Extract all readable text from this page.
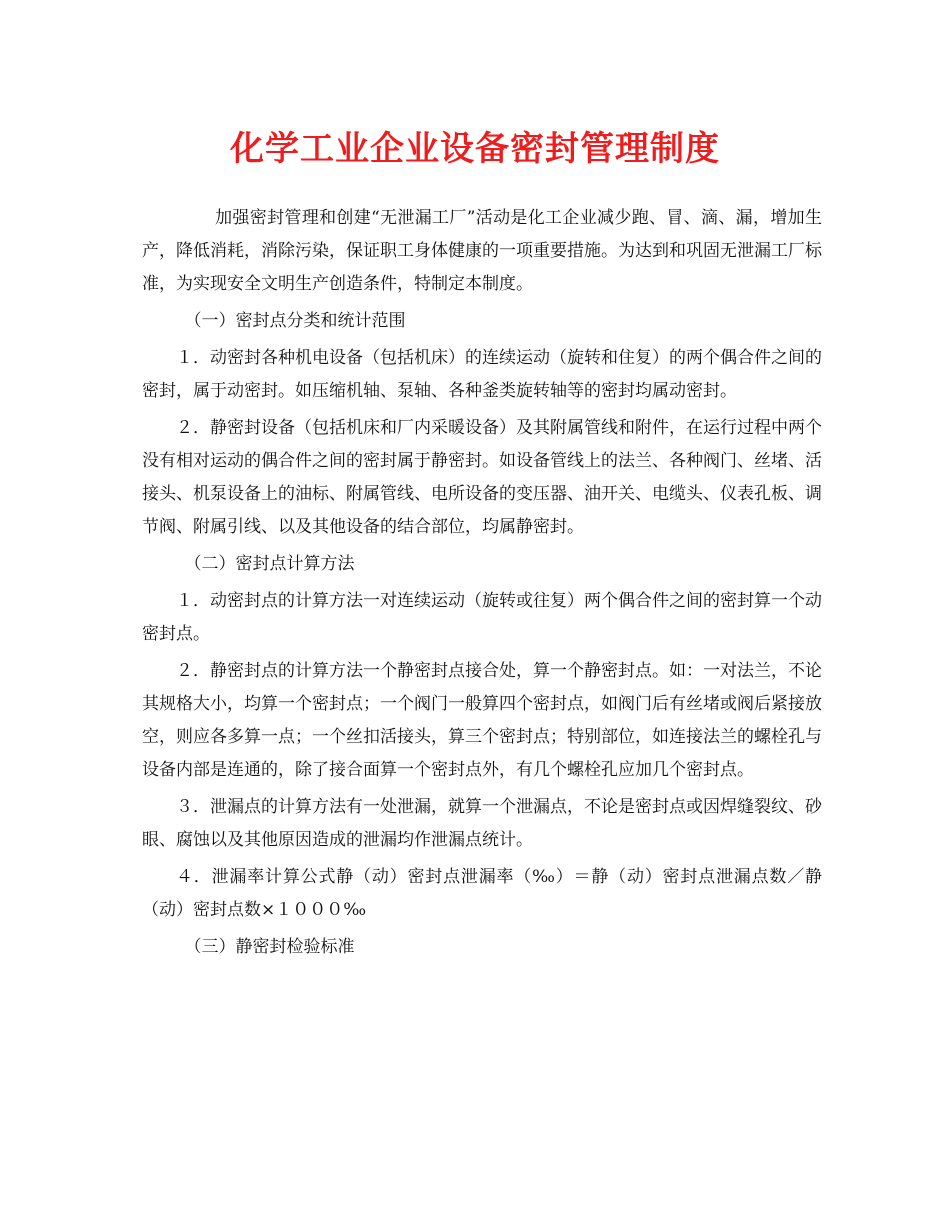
化学工业企业设备密封管理制度

加强密封管理和创建“无泄漏工厂”活动是化工企业减少跑、冒、滴、漏，增加生产，降低消耗，消除污染，保证职工身体健康的一项重要措施。为达到和巩固无泄漏工厂标准，为实现安全文明生产创造条件，特制定本制度。

（一）密封点分类和统计范围

１．动密封各种机电设备（包括机床）的连续运动（旋转和住复）的两个偶合件之间的密封，属于动密封。如压缩机轴、泵轴、各种釜类旋转轴等的密封均属动密封。

２．静密封设备（包括机床和厂内采暖设备）及其附属管线和附件，在运行过程中两个没有相对运动的偶合件之间的密封属于静密封。如设备管线上的法兰、各种阀门、丝堵、活接头、机泵设备上的油标、附属管线、电所设备的变压器、油开关、电缆头、仪表孔板、调节阀、附属引线、以及其他设备的结合部位，均属静密封。

（二）密封点计算方法

１．动密封点的计算方法一对连续运动（旋转或往复）两个偶合件之间的密封算一个动密封点。

２．静密封点的计算方法一个静密封点接合处，算一个静密封点。如：一对法兰，不论其规格大小，均算一个密封点；一个阀门一般算四个密封点，如阀门后有丝堵或阀后紧接放空，则应各多算一点；一个丝扣活接头，算三个密封点；特别部位，如连接法兰的螺栓孔与设备内部是连通的，除了接合面算一个密封点外，有几个螺栓孔应加几个密封点。

３．泄漏点的计算方法有一处泄漏，就算一个泄漏点，不论是密封点或因焊缝裂纹、砂眼、腐蚀以及其他原因造成的泄漏均作泄漏点统计。

４．泄漏率计算公式静（动）密封点泄漏率（‰）＝静（动）密封点泄漏点数／静（动）密封点数×１０００‰

（三）静密封检验标准
